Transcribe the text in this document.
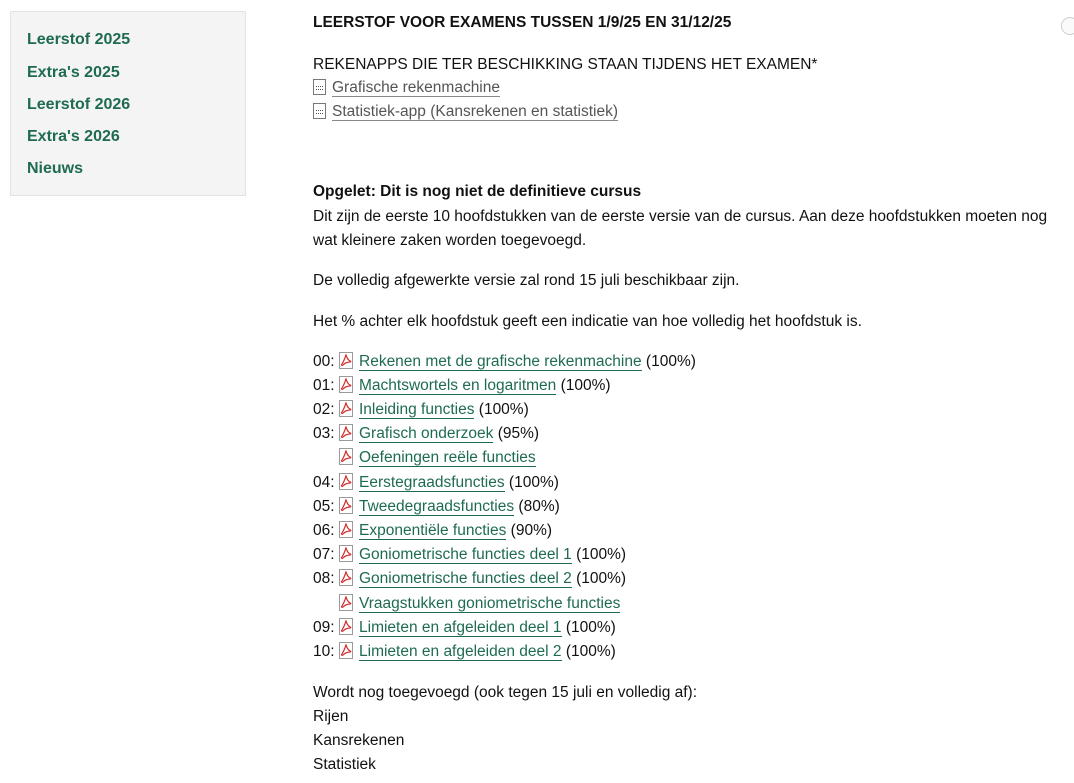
Leerstof 2025
Extra's 2025
Leerstof 2026
Extra's 2026
Nieuws
LEERSTOF VOOR EXAMENS TUSSEN 1/9/25 EN 31/12/25
REKENAPPS DIE TER BESCHIKKING STAAN TIJDENS HET EXAMEN*
Grafische rekenmachine
Statistiek-app (Kansrekenen en statistiek)
Opgelet: Dit is nog niet de definitieve cursus
Dit zijn de eerste 10 hoofdstukken van de eerste versie van de cursus. Aan deze hoofdstukken moeten nog
wat kleinere zaken worden toegevoegd.
De volledig afgewerkte versie zal rond 15 juli beschikbaar zijn.
Het % achter elk hoofdstuk geeft een indicatie van hoe volledig het hoofdstuk is.
00: Rekenen met de grafische rekenmachine (100%)
01: Machtswortels en logaritmen (100%)
02: Inleiding functies (100%)
03: Grafisch onderzoek (95%)
Oefeningen reële functies
04: Eerstegraadsfuncties (100%)
05: Tweedegraadsfuncties (80%)
06: Exponentiële functies (90%)
07: Goniometrische functies deel 1 (100%)
08: Goniometrische functies deel 2 (100%)
Vraagstukken goniometrische functies
09: Limieten en afgeleiden deel 1 (100%)
10: Limieten en afgeleiden deel 2 (100%)
Wordt nog toegevoegd (ook tegen 15 juli en volledig af):
Rijen
Kansrekenen
Statistiek
